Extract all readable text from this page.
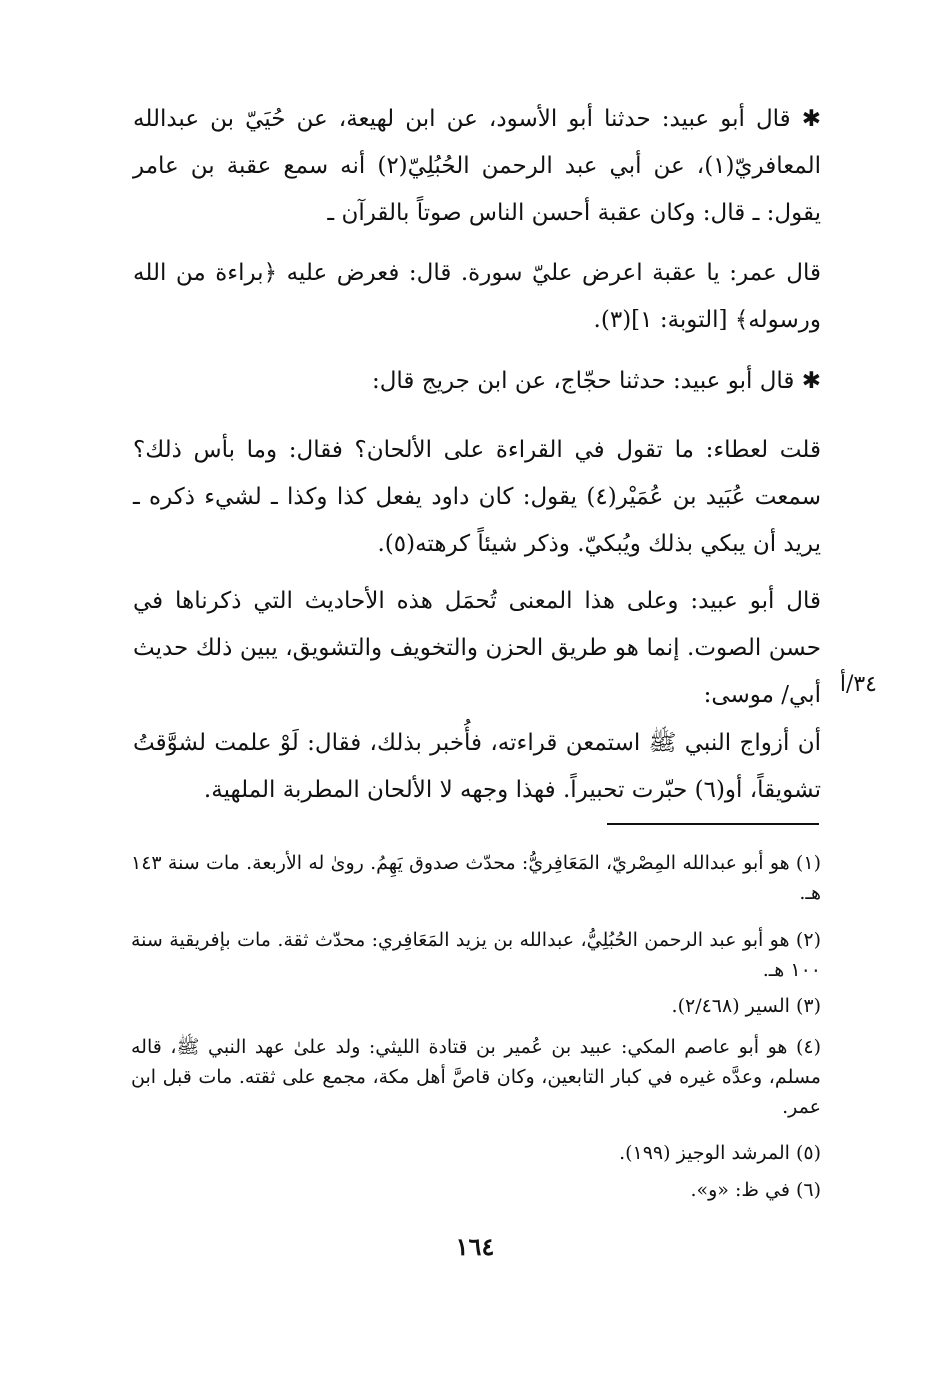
✱ قال أبو عبيد: حدثنا أبو الأسود، عن ابن لهيعة، عن حُيَيّ بن عبدالله المعافريّ(١)، عن أبي عبد الرحمن الحُبُلِيّ(٢) أنه سمع عقبة بن عامر يقول: ـ قال: وكان عقبة أحسن الناس صوتاً بالقرآن ـ

قال عمر: يا عقبة اعرض عليّ سورة. قال: فعرض عليه ﴿براءة من الله ورسوله﴾ [التوبة: ١](٣).

✱ قال أبو عبيد: حدثنا حجّاج، عن ابن جريج قال:

قلت لعطاء: ما تقول في القراءة على الألحان؟ فقال: وما بأس ذلك؟ سمعت عُبَيد بن عُمَيْر(٤) يقول: كان داود يفعل كذا وكذا ـ لشيء ذكره ـ يريد أن يبكي بذلك ويُبكيّ. وذكر شيئاً كرهته(٥).

قال أبو عبيد: وعلى هذا المعنى تُحمَل هذه الأحاديث التي ذكرناها في حسن الصوت. إنما هو طريق الحزن والتخويف والتشويق، يبين ذلك حديث أبي/ موسى: ٣٤/أ

أن أزواج النبي ﷺ استمعن قراءته، فأُخبر بذلك، فقال: لَوْ علمت لشوَّقتُ تشويقاً، أو(٦) حبّرت تحبيراً. فهذا وجهه لا الألحان المطربة الملهية.

(١) هو أبو عبدالله المِصْريّ، المَعَافِريُّ: محدّث صدوق يَهِمُ. روىٰ له الأربعة. مات سنة ١٤٣ هـ.

(٢) هو أبو عبد الرحمن الحُبُلِيُّ، عبدالله بن يزيد المَعَافِري: محدّث ثقة. مات بإفريقية سنة ١٠٠ هـ.

(٣) السير (٢/٤٦٨).

(٤) هو أبو عاصم المكي: عبيد بن عُمير بن قتادة الليثي: ولد علىٰ عهد النبي ﷺ، قاله مسلم، وعدَّه غيره في كبار التابعين، وكان قاصَّ أهل مكة، مجمع على ثقته. مات قبل ابن عمر.

(٥) المرشد الوجيز (١٩٩).

(٦) في ظ: «و».

١٦٤
